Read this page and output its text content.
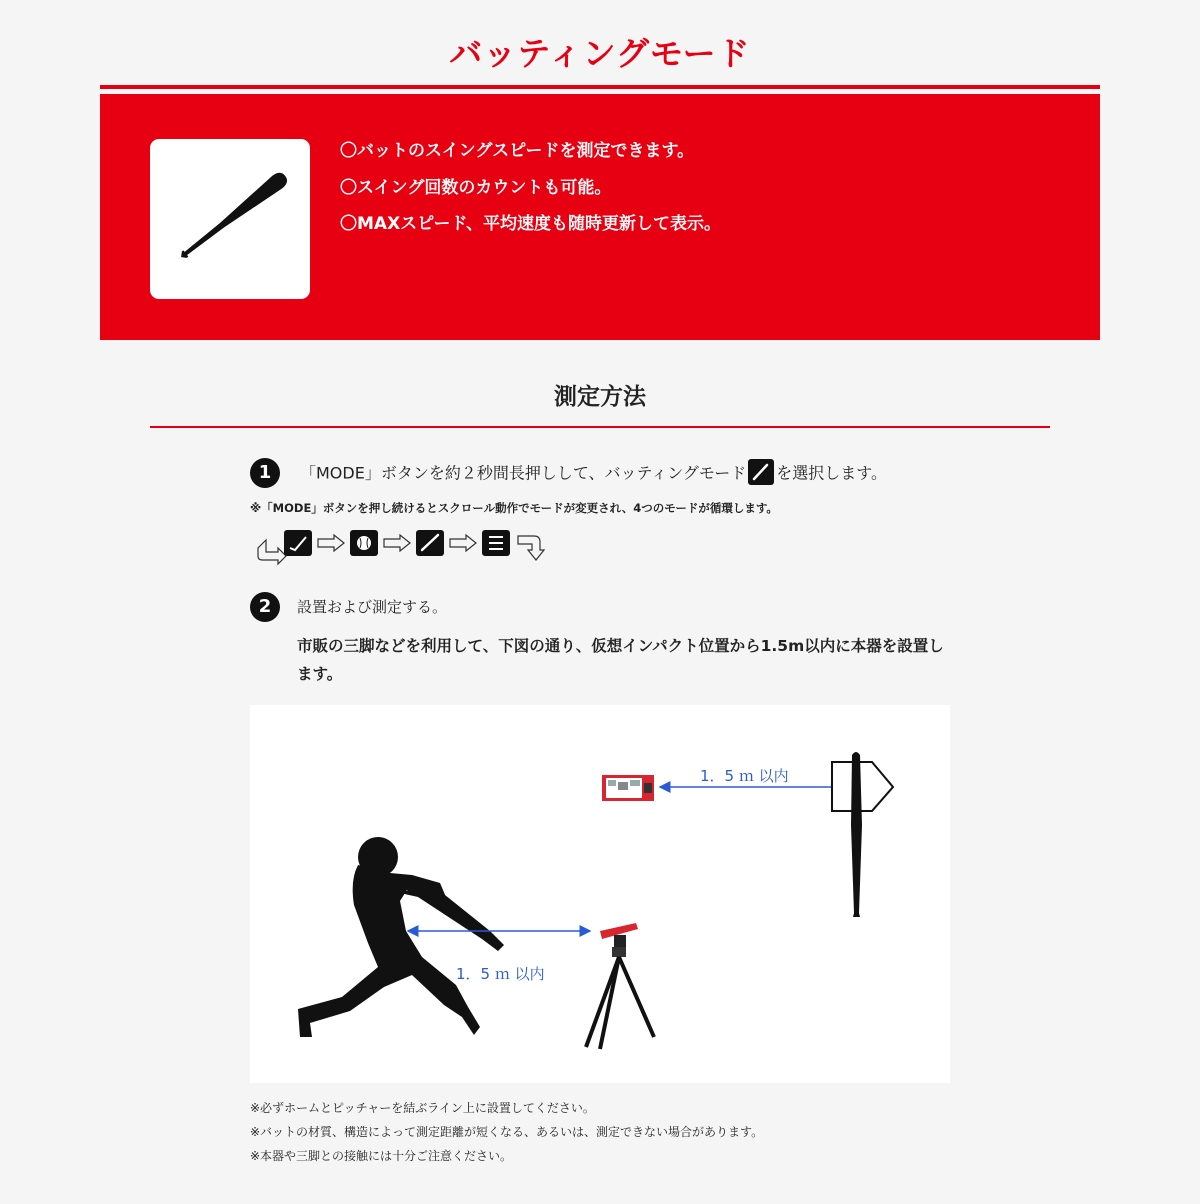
バッティングモード
〇バットのスイングスピードを測定できます。
〇スイング回数のカウントも可能。
〇MAXスピード、平均速度も随時更新して表示。
測定方法
1	「MODE」ボタンを約２秒間長押しして、バッティングモード を選択します。
※「MODE」ボタンを押し続けるとスクロール動作でモードが変更され、4つのモードが循環します。
2	設置および測定する。
市販の三脚などを利用して、下図の通り、仮想インパクト位置から1.5m以内に本器を設置します。
1．5 ｍ 以内
1．5 ｍ 以内
※必ずホームとピッチャーを結ぶライン上に設置してください。
※バットの材質、構造によって測定距離が短くなる、あるいは、測定できない場合があります。
※本器や三脚との接触には十分ご注意ください。
